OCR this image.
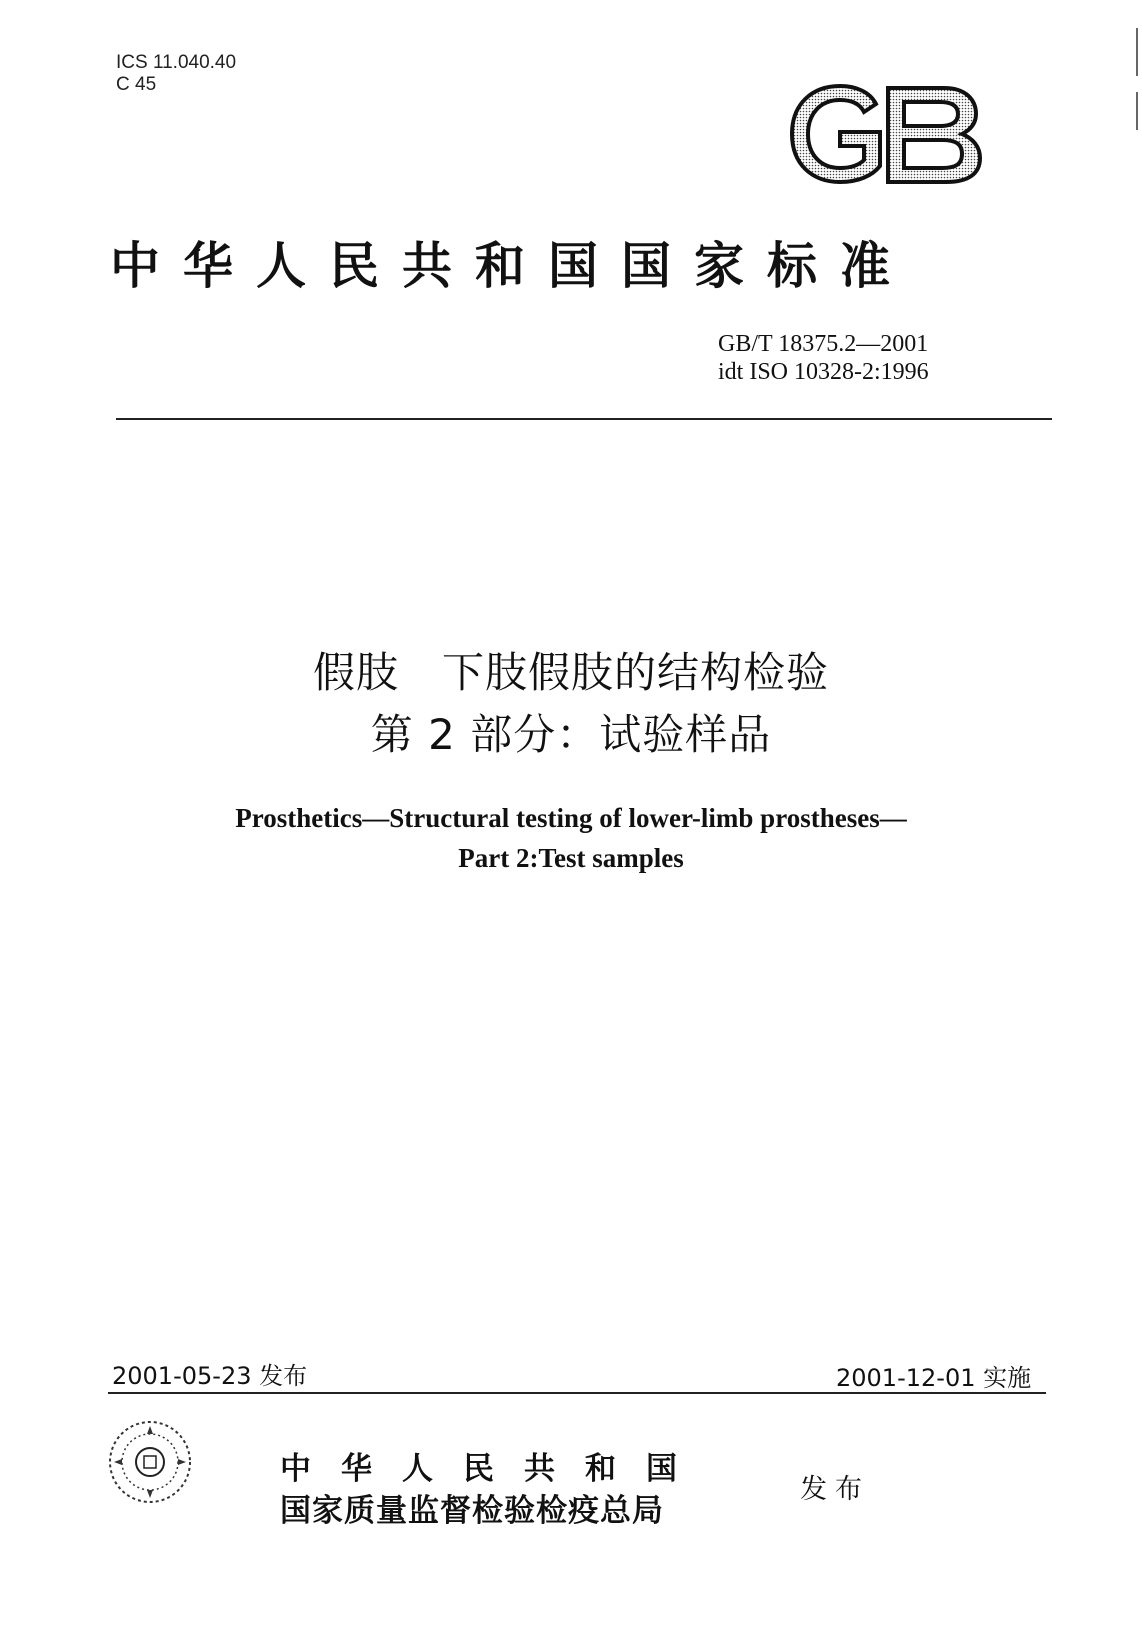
ICS 11.040.40
C 45
中华人民共和国国家标准
GB/T 18375.2—2001
idt ISO 10328-2:1996
假肢　下肢假肢的结构检验
第 2 部分：试验样品
Prosthetics—Structural testing of lower-limb prostheses—
Part 2:Test samples
2001-05-23 发布	2001-12-01 实施
中华人民共和国
国家质量监督检验检疫总局
发布
